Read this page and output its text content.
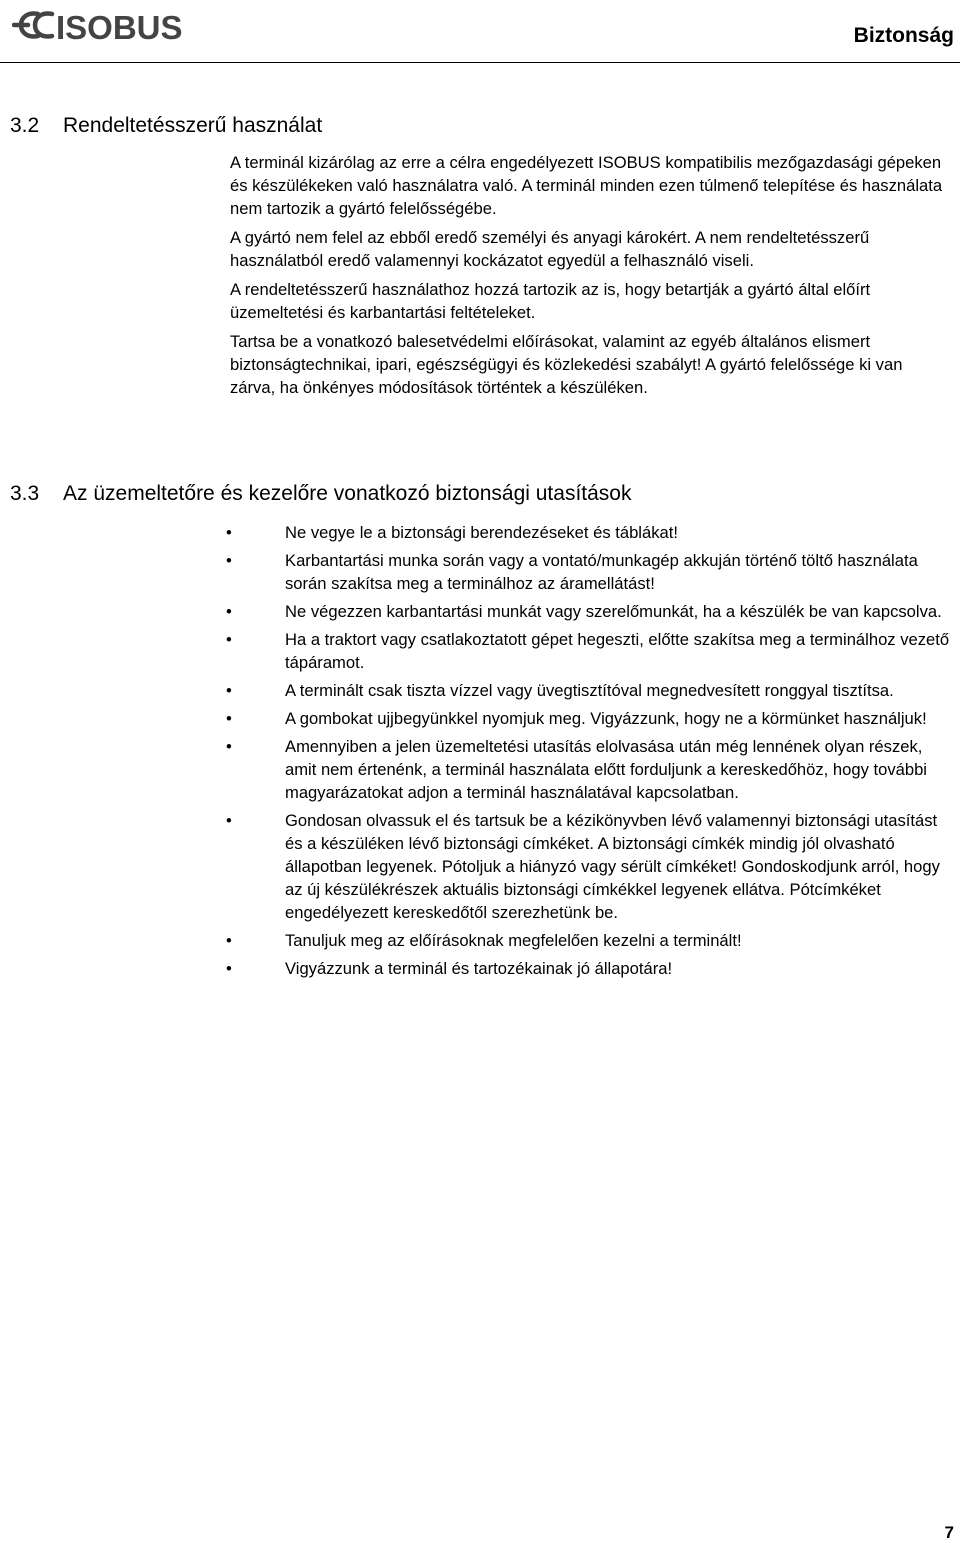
ISOBUS	Biztonság
3.2 Rendeltetésszerű használat

A terminál kizárólag az erre a célra engedélyezett ISOBUS kompatibilis mezőgazdasági gépeken és készülékeken való használatra való. A terminál minden ezen túlmenő telepítése és használata nem tartozik a gyártó felelősségébe.

A gyártó nem felel az ebből eredő személyi és anyagi károkért. A nem rendeltetésszerű használatból eredő valamennyi kockázatot egyedül a felhasználó viseli.

A rendeltetésszerű használathoz hozzá tartozik az is, hogy betartják a gyártó által előírt üzemeltetési és karbantartási feltételeket.

Tartsa be a vonatkozó balesetvédelmi előírásokat, valamint az egyéb általános elismert biztonságtechnikai, ipari, egészségügyi és közlekedési szabályt! A gyártó felelőssége ki van zárva, ha önkényes módosítások történtek a készüléken.

3.3 Az üzemeltetőre és kezelőre vonatkozó biztonsági utasítások
•	Ne vegye le a biztonsági berendezéseket és táblákat!
•	Karbantartási munka során vagy a vontató/munkagép akkuján történő töltő használata során szakítsa meg a terminálhoz az áramellátást!
•	Ne végezzen karbantartási munkát vagy szerelőmunkát, ha a készülék be van kapcsolva.
•	Ha a traktort vagy csatlakoztatott gépet hegeszti, előtte szakítsa meg a terminálhoz vezető tápáramot.
•	A terminált csak tiszta vízzel vagy üvegtisztítóval megnedvesített ronggyal tisztítsa.
•	A gombokat ujjbegyünkkel nyomjuk meg. Vigyázzunk, hogy ne a körmünket használjuk!
•	Amennyiben a jelen üzemeltetési utasítás elolvasása után még lennének olyan részek, amit nem értenénk, a terminál használata előtt forduljunk a kereskedőhöz, hogy további magyarázatokat adjon a terminál használatával kapcsolatban.
•	Gondosan olvassuk el és tartsuk be a kézikönyvben lévő valamennyi biztonsági utasítást és a készüléken lévő biztonsági címkéket. A biztonsági címkék mindig jól olvasható állapotban legyenek. Pótoljuk a hiányzó vagy sérült címkéket! Gondoskodjunk arról, hogy az új készülékrészek aktuális biztonsági címkékkel legyenek ellátva. Pótcímkéket engedélyezett kereskedőtől szerezhetünk be.
•	Tanuljuk meg az előírásoknak megfelelően kezelni a terminált!
•	Vigyázzunk a terminál és tartozékainak jó állapotára!
7
